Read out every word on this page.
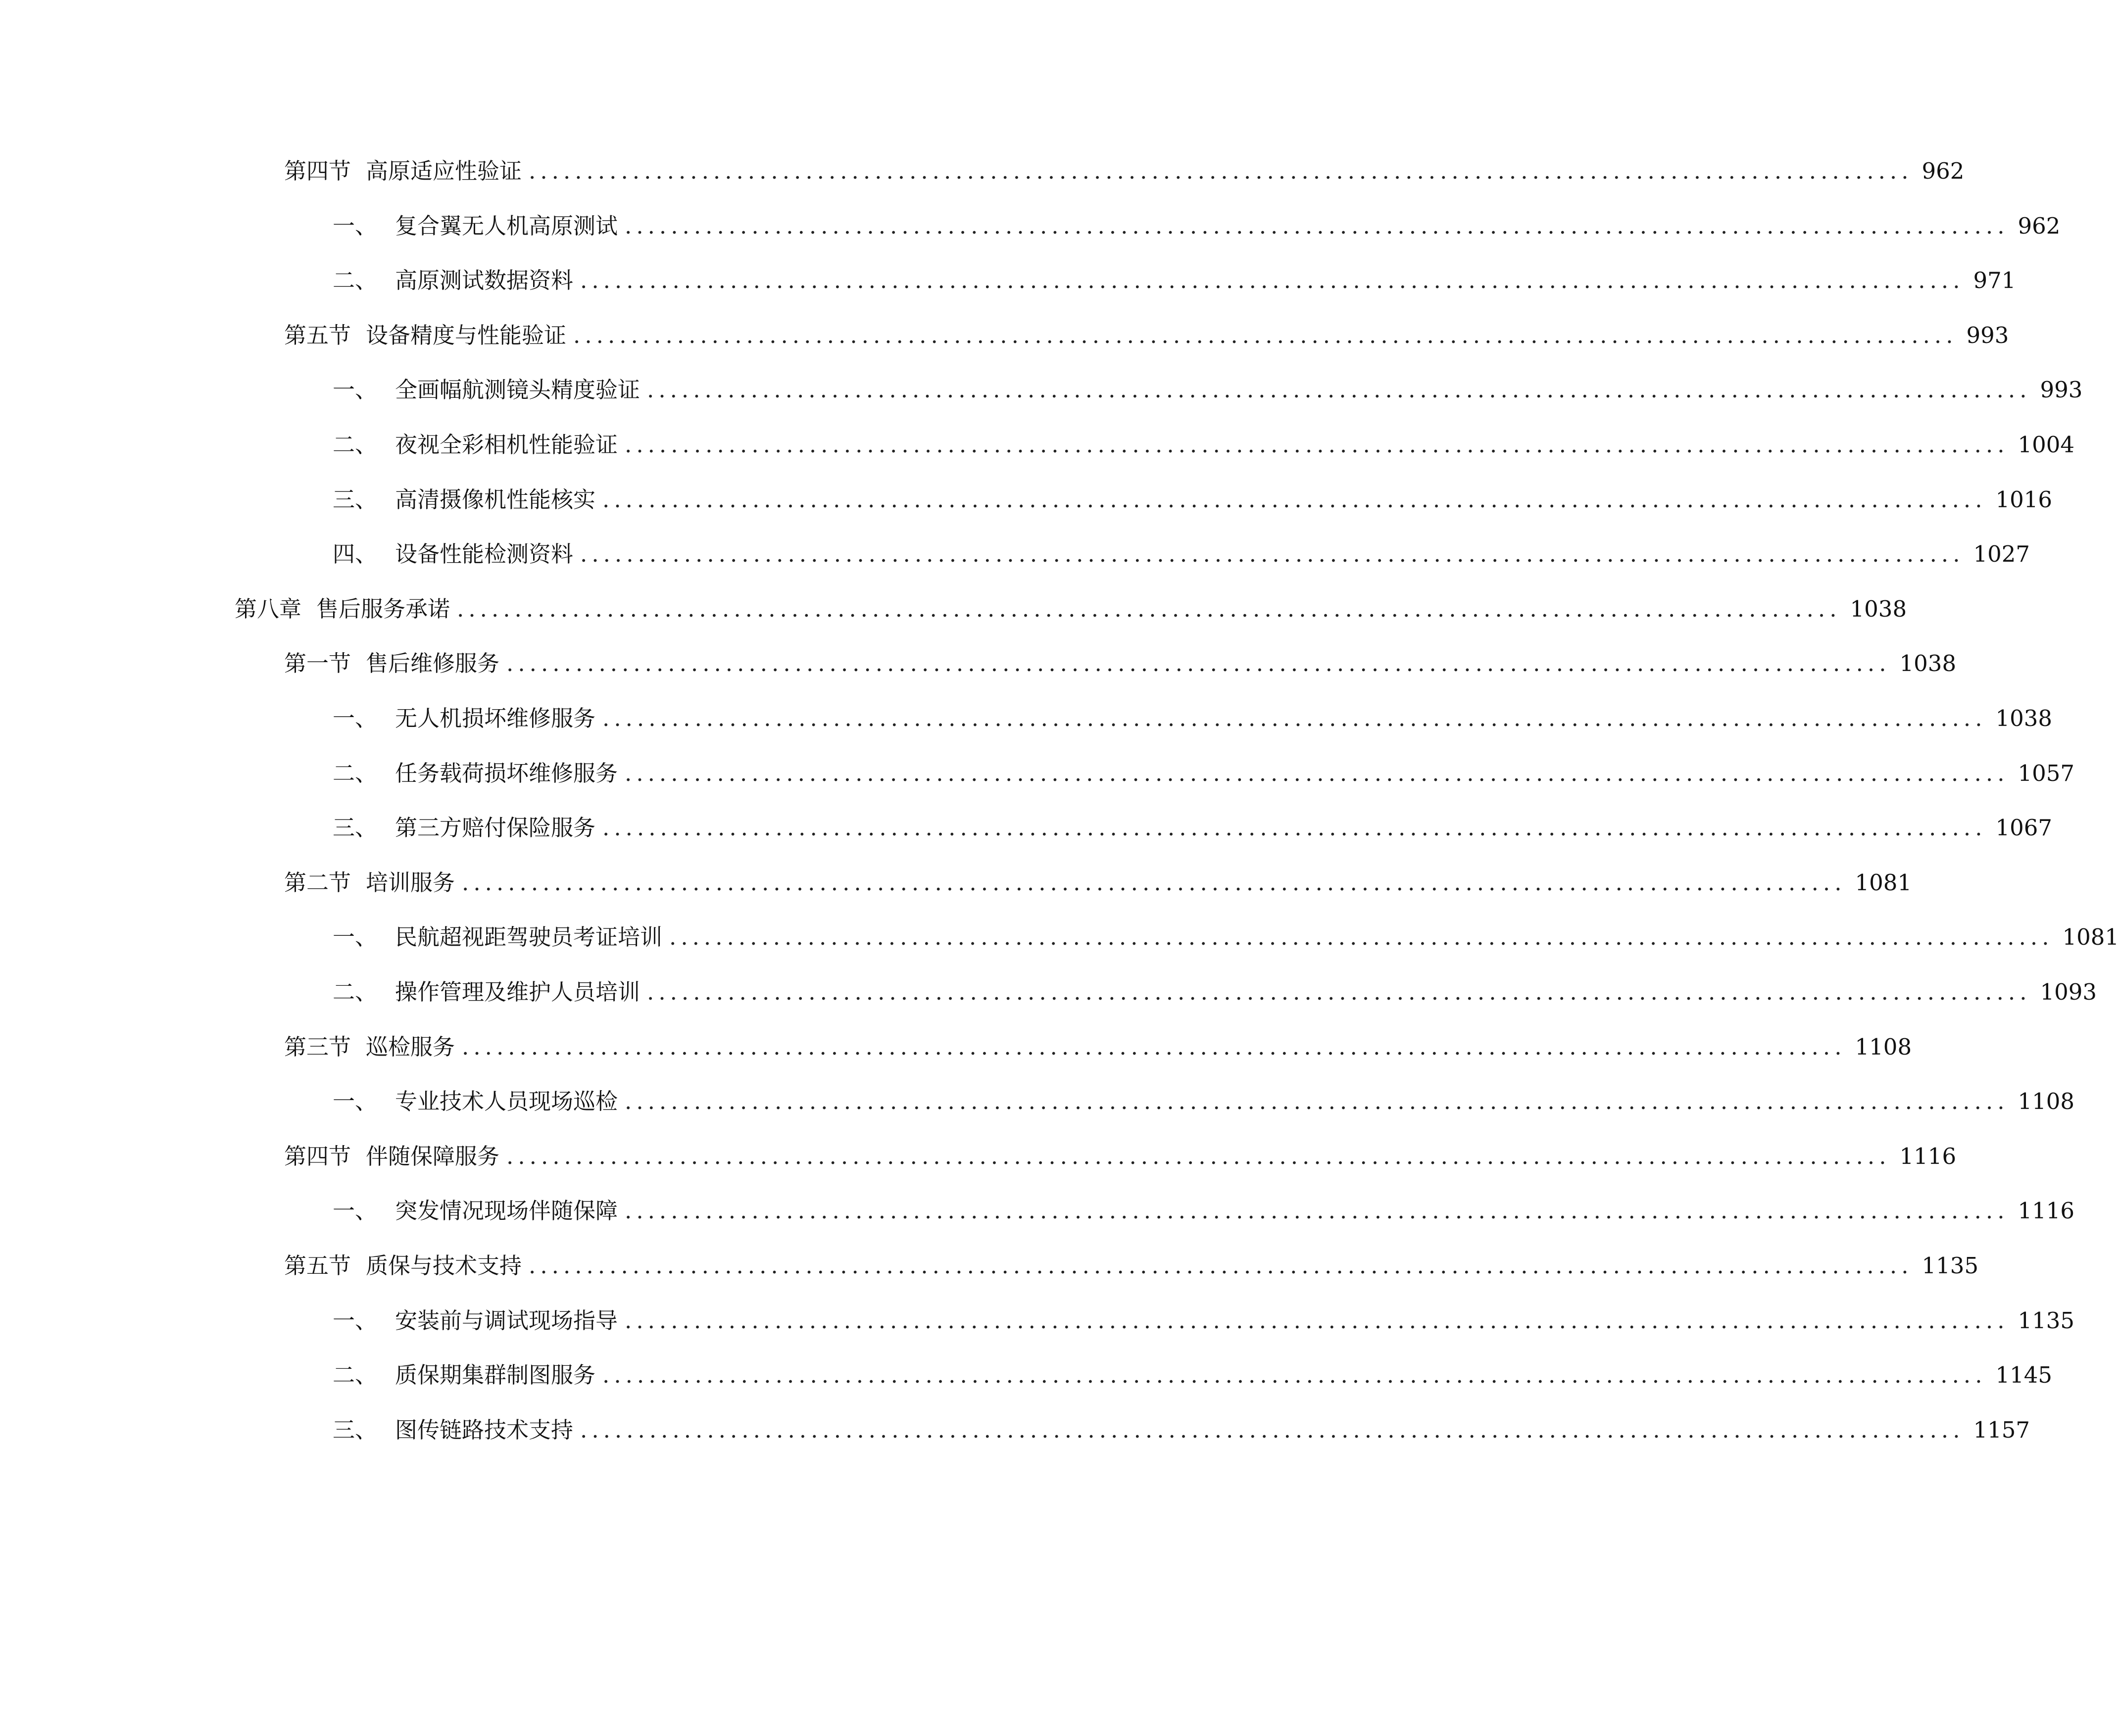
第四节 高原适应性验证 ........................................................................................................................ 962
一、 复合翼无人机高原测试 ........................................................................................................................ 962
二、 高原测试数据资料 ........................................................................................................................ 971
第五节 设备精度与性能验证 ........................................................................................................................ 993
一、 全画幅航测镜头精度验证 ........................................................................................................................ 993
二、 夜视全彩相机性能验证 ........................................................................................................................ 1004
三、 高清摄像机性能核实 ........................................................................................................................ 1016
四、 设备性能检测资料 ........................................................................................................................ 1027
第八章 售后服务承诺 ........................................................................................................................ 1038
第一节 售后维修服务 ........................................................................................................................ 1038
一、 无人机损坏维修服务 ........................................................................................................................ 1038
二、 任务载荷损坏维修服务 ........................................................................................................................ 1057
三、 第三方赔付保险服务 ........................................................................................................................ 1067
第二节 培训服务 ........................................................................................................................ 1081
一、 民航超视距驾驶员考证培训 ........................................................................................................................ 1081
二、 操作管理及维护人员培训 ........................................................................................................................ 1093
第三节 巡检服务 ........................................................................................................................ 1108
一、 专业技术人员现场巡检 ........................................................................................................................ 1108
第四节 伴随保障服务 ........................................................................................................................ 1116
一、 突发情况现场伴随保障 ........................................................................................................................ 1116
第五节 质保与技术支持 ........................................................................................................................ 1135
一、 安装前与调试现场指导 ........................................................................................................................ 1135
二、 质保期集群制图服务 ........................................................................................................................ 1145
三、 图传链路技术支持 ........................................................................................................................ 1157
